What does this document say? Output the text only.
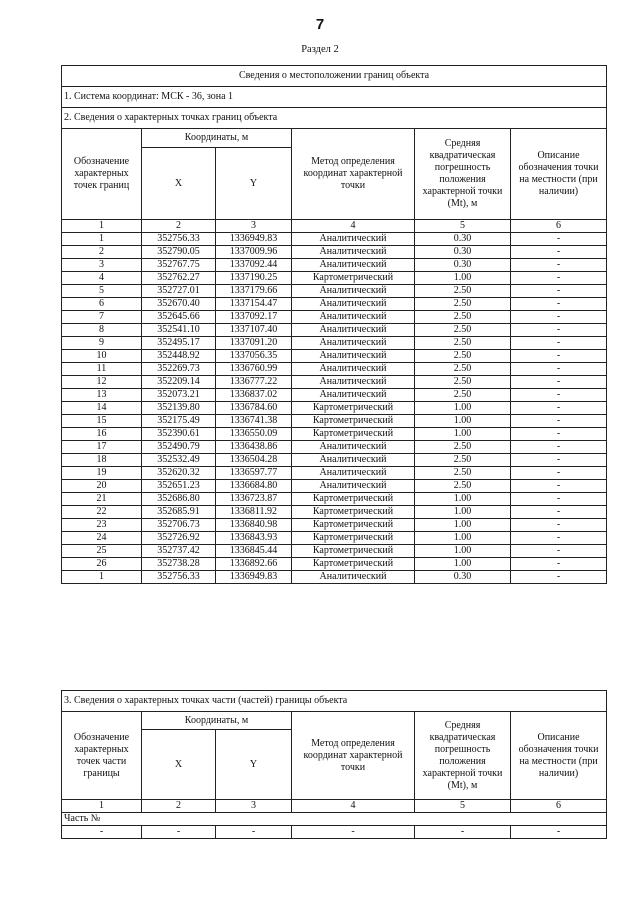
7
Раздел 2
Сведения о местоположении границ объекта					
1. Система координат: МСК - 36, зона 1					
2. Сведения о характерных точках границ объекта					
Обозначение характерных точек границ	Координаты, м		Метод определения координат характерной точки	Средняя квадратическая погрешность положения характерной точки (Mt), м	Описание обозначения точки на местности (при наличии)
	X	Y			
1	2	3	4	5	6
1	352756.33	1336949.83	Аналитический	0.30	-
2	352790.05	1337009.96	Аналитический	0.30	-
3	352767.75	1337092.44	Аналитический	0.30	-
4	352762.27	1337190.25	Картометрический	1.00	-
5	352727.01	1337179.66	Аналитический	2.50	-
6	352670.40	1337154.47	Аналитический	2.50	-
7	352645.66	1337092.17	Аналитический	2.50	-
8	352541.10	1337107.40	Аналитический	2.50	-
9	352495.17	1337091.20	Аналитический	2.50	-
10	352448.92	1337056.35	Аналитический	2.50	-
11	352269.73	1336760.99	Аналитический	2.50	-
12	352209.14	1336777.22	Аналитический	2.50	-
13	352073.21	1336837.02	Аналитический	2.50	-
14	352139.80	1336784.60	Картометрический	1.00	-
15	352175.49	1336741.38	Картометрический	1.00	-
16	352390.61	1336550.09	Картометрический	1.00	-
17	352490.79	1336438.86	Аналитический	2.50	-
18	352532.49	1336504.28	Аналитический	2.50	-
19	352620.32	1336597.77	Аналитический	2.50	-
20	352651.23	1336684.80	Аналитический	2.50	-
21	352686.80	1336723.87	Картометрический	1.00	-
22	352685.91	1336811.92	Картометрический	1.00	-
23	352706.73	1336840.98	Картометрический	1.00	-
24	352726.92	1336843.93	Картометрический	1.00	-
25	352737.42	1336845.44	Картометрический	1.00	-
26	352738.28	1336892.66	Картометрический	1.00	-
1	352756.33	1336949.83	Аналитический	0.30	-
3. Сведения о характерных точках части (частей) границы объекта					
Обозначение характерных точек части границы	Координаты, м		Метод определения координат характерной точки	Средняя квадратическая погрешность положения характерной точки (Mt), м	Описание обозначения точки на местности (при наличии)
	X	Y			
1	2	3	4	5	6
Часть №					
-	-	-	-	-	-
